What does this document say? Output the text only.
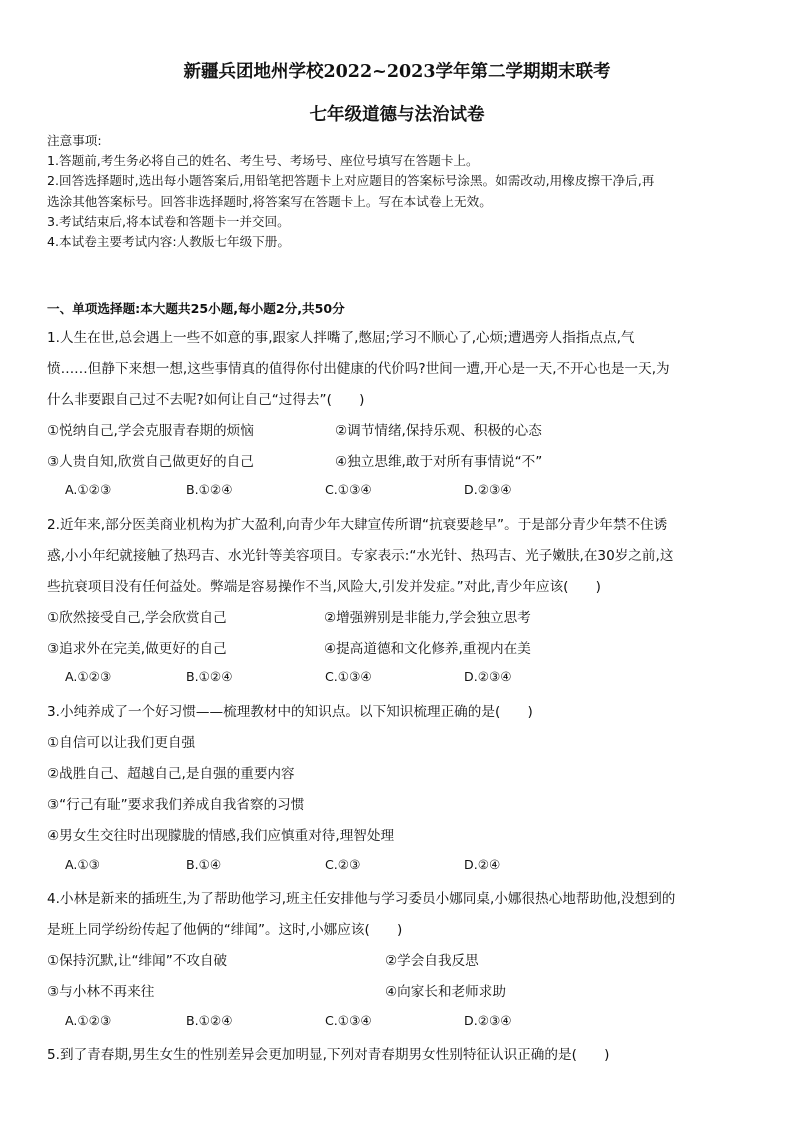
新疆兵团地州学校2022~2023学年第二学期期末联考
七年级道德与法治试卷
注意事项:
1.答题前,考生务必将自己的姓名、考生号、考场号、座位号填写在答题卡上。
2.回答选择题时,选出每小题答案后,用铅笔把答题卡上对应题目的答案标号涂黑。如需改动,用橡皮擦干净后,再
选涂其他答案标号。回答非选择题时,将答案写在答题卡上。写在本试卷上无效。
3.考试结束后,将本试卷和答题卡一并交回。
4.本试卷主要考试内容:人教版七年级下册。
一、单项选择题:本大题共25小题,每小题2分,共50分
1.人生在世,总会遇上一些不如意的事,跟家人拌嘴了,憋屈;学习不顺心了,心烦;遭遇旁人指指点点,气
愤……但静下来想一想,这些事情真的值得你付出健康的代价吗?世间一遭,开心是一天,不开心也是一天,为
什么非要跟自己过不去呢?如何让自己“过得去”(　　)
①悦纳自己,学会克服青春期的烦恼	②调节情绪,保持乐观、积极的心态
③人贵自知,欣赏自己做更好的自己	④独立思维,敢于对所有事情说“不”
A.①②③	B.①②④	C.①③④	D.②③④
2.近年来,部分医美商业机构为扩大盈利,向青少年大肆宣传所谓“抗衰要趁早”。于是部分青少年禁不住诱
惑,小小年纪就接触了热玛吉、水光针等美容项目。专家表示:“水光针、热玛吉、光子嫩肤,在30岁之前,这
些抗衰项目没有任何益处。弊端是容易操作不当,风险大,引发并发症。”对此,青少年应该(　　)
①欣然接受自己,学会欣赏自己	②增强辨别是非能力,学会独立思考
③追求外在完美,做更好的自己	④提高道德和文化修养,重视内在美
A.①②③	B.①②④	C.①③④	D.②③④
3.小纯养成了一个好习惯——梳理教材中的知识点。以下知识梳理正确的是(　　)
①自信可以让我们更自强
②战胜自己、超越自己,是自强的重要内容
③“行己有耻”要求我们养成自我省察的习惯
④男女生交往时出现朦胧的情感,我们应慎重对待,理智处理
A.①③	B.①④	C.②③	D.②④
4.小林是新来的插班生,为了帮助他学习,班主任安排他与学习委员小娜同桌,小娜很热心地帮助他,没想到的
是班上同学纷纷传起了他俩的“绯闻”。这时,小娜应该(　　)
①保持沉默,让“绯闻”不攻自破	②学会自我反思
③与小林不再来往	④向家长和老师求助
A.①②③	B.①②④	C.①③④	D.②③④
5.到了青春期,男生女生的性别差异会更加明显,下列对青春期男女性别特征认识正确的是(　　)
